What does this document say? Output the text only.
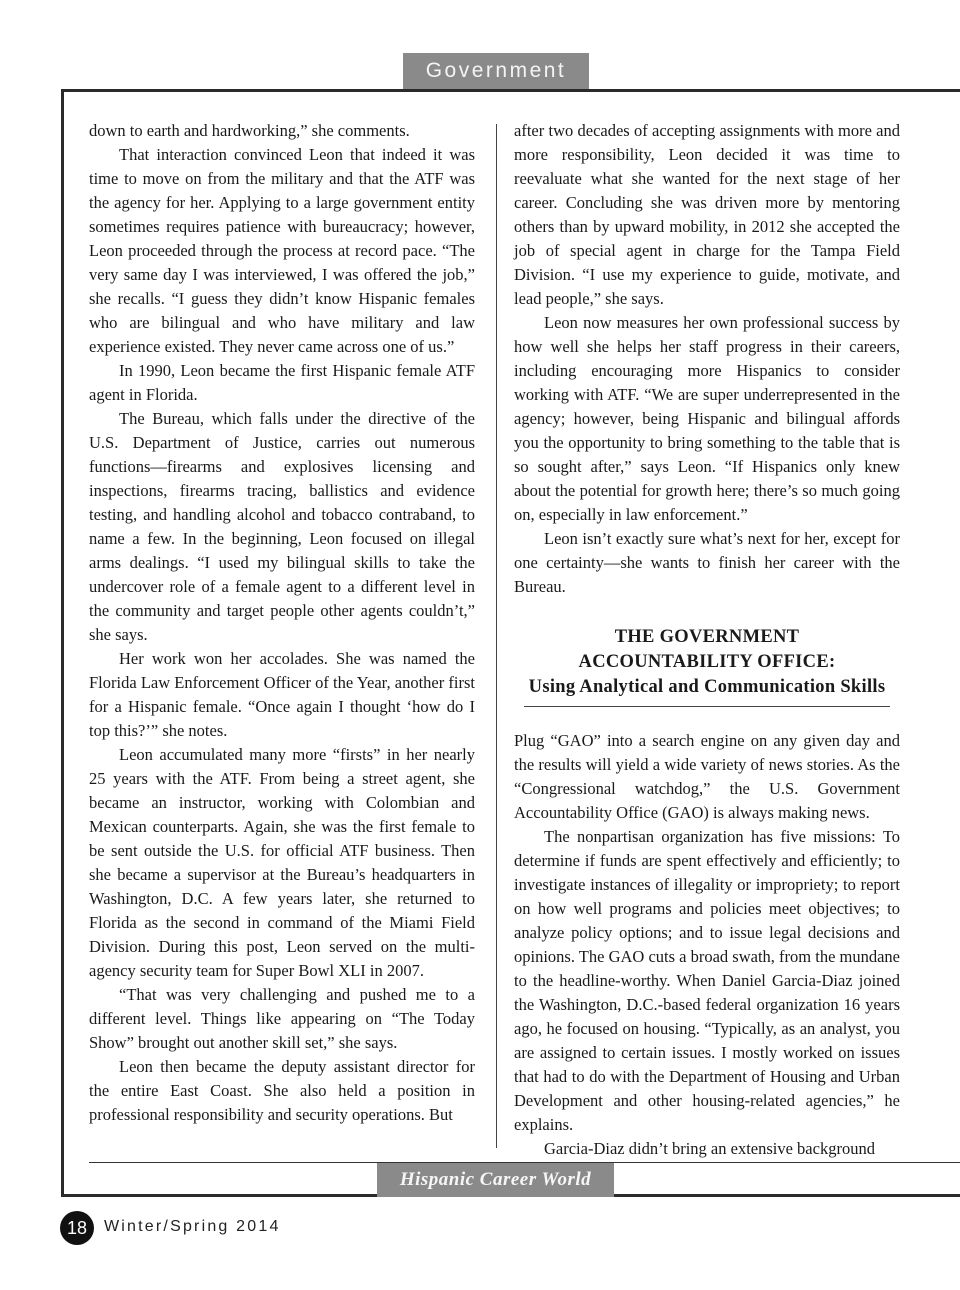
Government

down to earth and hardworking,” she comments.

That interaction convinced Leon that indeed it was time to move on from the military and that the ATF was the agency for her. Applying to a large government entity sometimes requires patience with bureaucracy; however, Leon proceeded through the process at record pace. “The very same day I was interviewed, I was offered the job,” she recalls. “I guess they didn’t know Hispanic females who are bilingual and who have military and law experience existed. They never came across one of us.”

In 1990, Leon became the first Hispanic female ATF agent in Florida.

The Bureau, which falls under the directive of the U.S. Department of Justice, carries out numerous functions—firearms and explosives licensing and inspections, firearms tracing, ballistics and evidence testing, and handling alcohol and tobacco contraband, to name a few. In the beginning, Leon focused on illegal arms dealings. “I used my bilingual skills to take the undercover role of a female agent to a different level in the community and target people other agents couldn’t,” she says.

Her work won her accolades. She was named the Florida Law Enforcement Officer of the Year, another first for a Hispanic female. “Once again I thought ‘how do I top this?’” she notes.

Leon accumulated many more “firsts” in her nearly 25 years with the ATF. From being a street agent, she became an instructor, working with Colombian and Mexican counterparts. Again, she was the first female to be sent outside the U.S. for official ATF business. Then she became a supervisor at the Bureau’s headquarters in Washington, D.C. A few years later, she returned to Florida as the second in command of the Miami Field Division. During this post, Leon served on the multi-agency security team for Super Bowl XLI in 2007.

“That was very challenging and pushed me to a different level. Things like appearing on “The Today Show” brought out another skill set,” she says.

Leon then became the deputy assistant director for the entire East Coast. She also held a position in professional responsibility and security operations. But

after two decades of accepting assignments with more and more responsibility, Leon decided it was time to reevaluate what she wanted for the next stage of her career. Concluding she was driven more by mentoring others than by upward mobility, in 2012 she accepted the job of special agent in charge for the Tampa Field Division. “I use my experience to guide, motivate, and lead people,” she says.

Leon now measures her own professional success by how well she helps her staff progress in their careers, including encouraging more Hispanics to consider working with ATF. “We are super underrepresented in the agency; however, being Hispanic and bilingual affords you the opportunity to bring something to the table that is so sought after,” says Leon. “If Hispanics only knew about the potential for growth here; there’s so much going on, especially in law enforcement.”

Leon isn’t exactly sure what’s next for her, except for one certainty—she wants to finish her career with the Bureau.

THE GOVERNMENT
ACCOUNTABILITY OFFICE:
Using Analytical and Communication Skills

Plug “GAO” into a search engine on any given day and the results will yield a wide variety of news stories. As the “Congressional watchdog,” the U.S. Government Accountability Office (GAO) is always making news.

The nonpartisan organization has five missions: To determine if funds are spent effectively and efficiently; to investigate instances of illegality or impropriety; to report on how well programs and policies meet objectives; to analyze policy options; and to issue legal decisions and opinions. The GAO cuts a broad swath, from the mundane to the headline-worthy. When Daniel Garcia-Diaz joined the Washington, D.C.-based federal organization 16 years ago, he focused on housing. “Typically, as an analyst, you are assigned to certain issues. I mostly worked on issues that had to do with the Department of Housing and Urban Development and other housing-related agencies,” he explains.

Garcia-Diaz didn’t bring an extensive background

Hispanic Career World
18	Winter/Spring 2014
